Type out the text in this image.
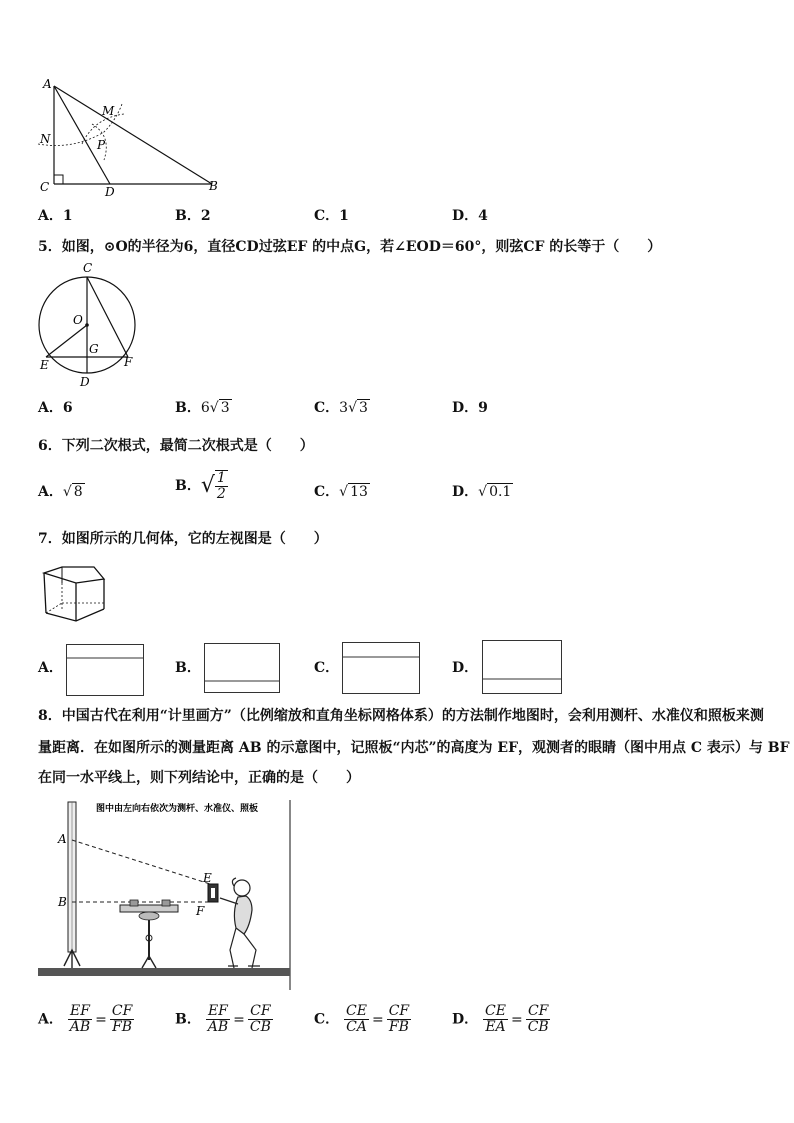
A
M
N	P
C	D	B
A．1	B．2	C．1	D．4
5．如图，⊙O的半径为6，直径CD过弦EF 的中点G，若∠EOD＝60°，则弦CF 的长等于（　　）
C
O
G
E	F
D
A．6	B．6√ 3	C．3√ 3	D．9
6．下列二次根式，最简二次根式是（　　）
A．√ 8	B．√ $\frac{1}{2}$	C．√ 13	D．√ 0.1
7．如图所示的几何体，它的左视图是（　　）
A．	B．	C．	D．
8．中国古代在利用“计里画方”（比例缩放和直角坐标网格体系）的方法制作地图时，会利用测杆、水准仪和照板来测
量距离．在如图所示的测量距离 AB 的示意图中，记照板“内芯”的高度为 EF，观测者的眼睛（图中用点 C 表示）与 BF
在同一水平线上，则下列结论中，正确的是（　　）
图中由左向右依次为测杆、水准仪、照板
A
B
E
F
A． $\frac{EF}{AB} = \frac{CF}{FB}$	B． $\frac{EF}{AB} = \frac{CF}{CB}$	C． $\frac{CE}{CA} = \frac{CF}{FB}$	D． $\frac{CE}{EA} = \frac{CF}{CB}$
